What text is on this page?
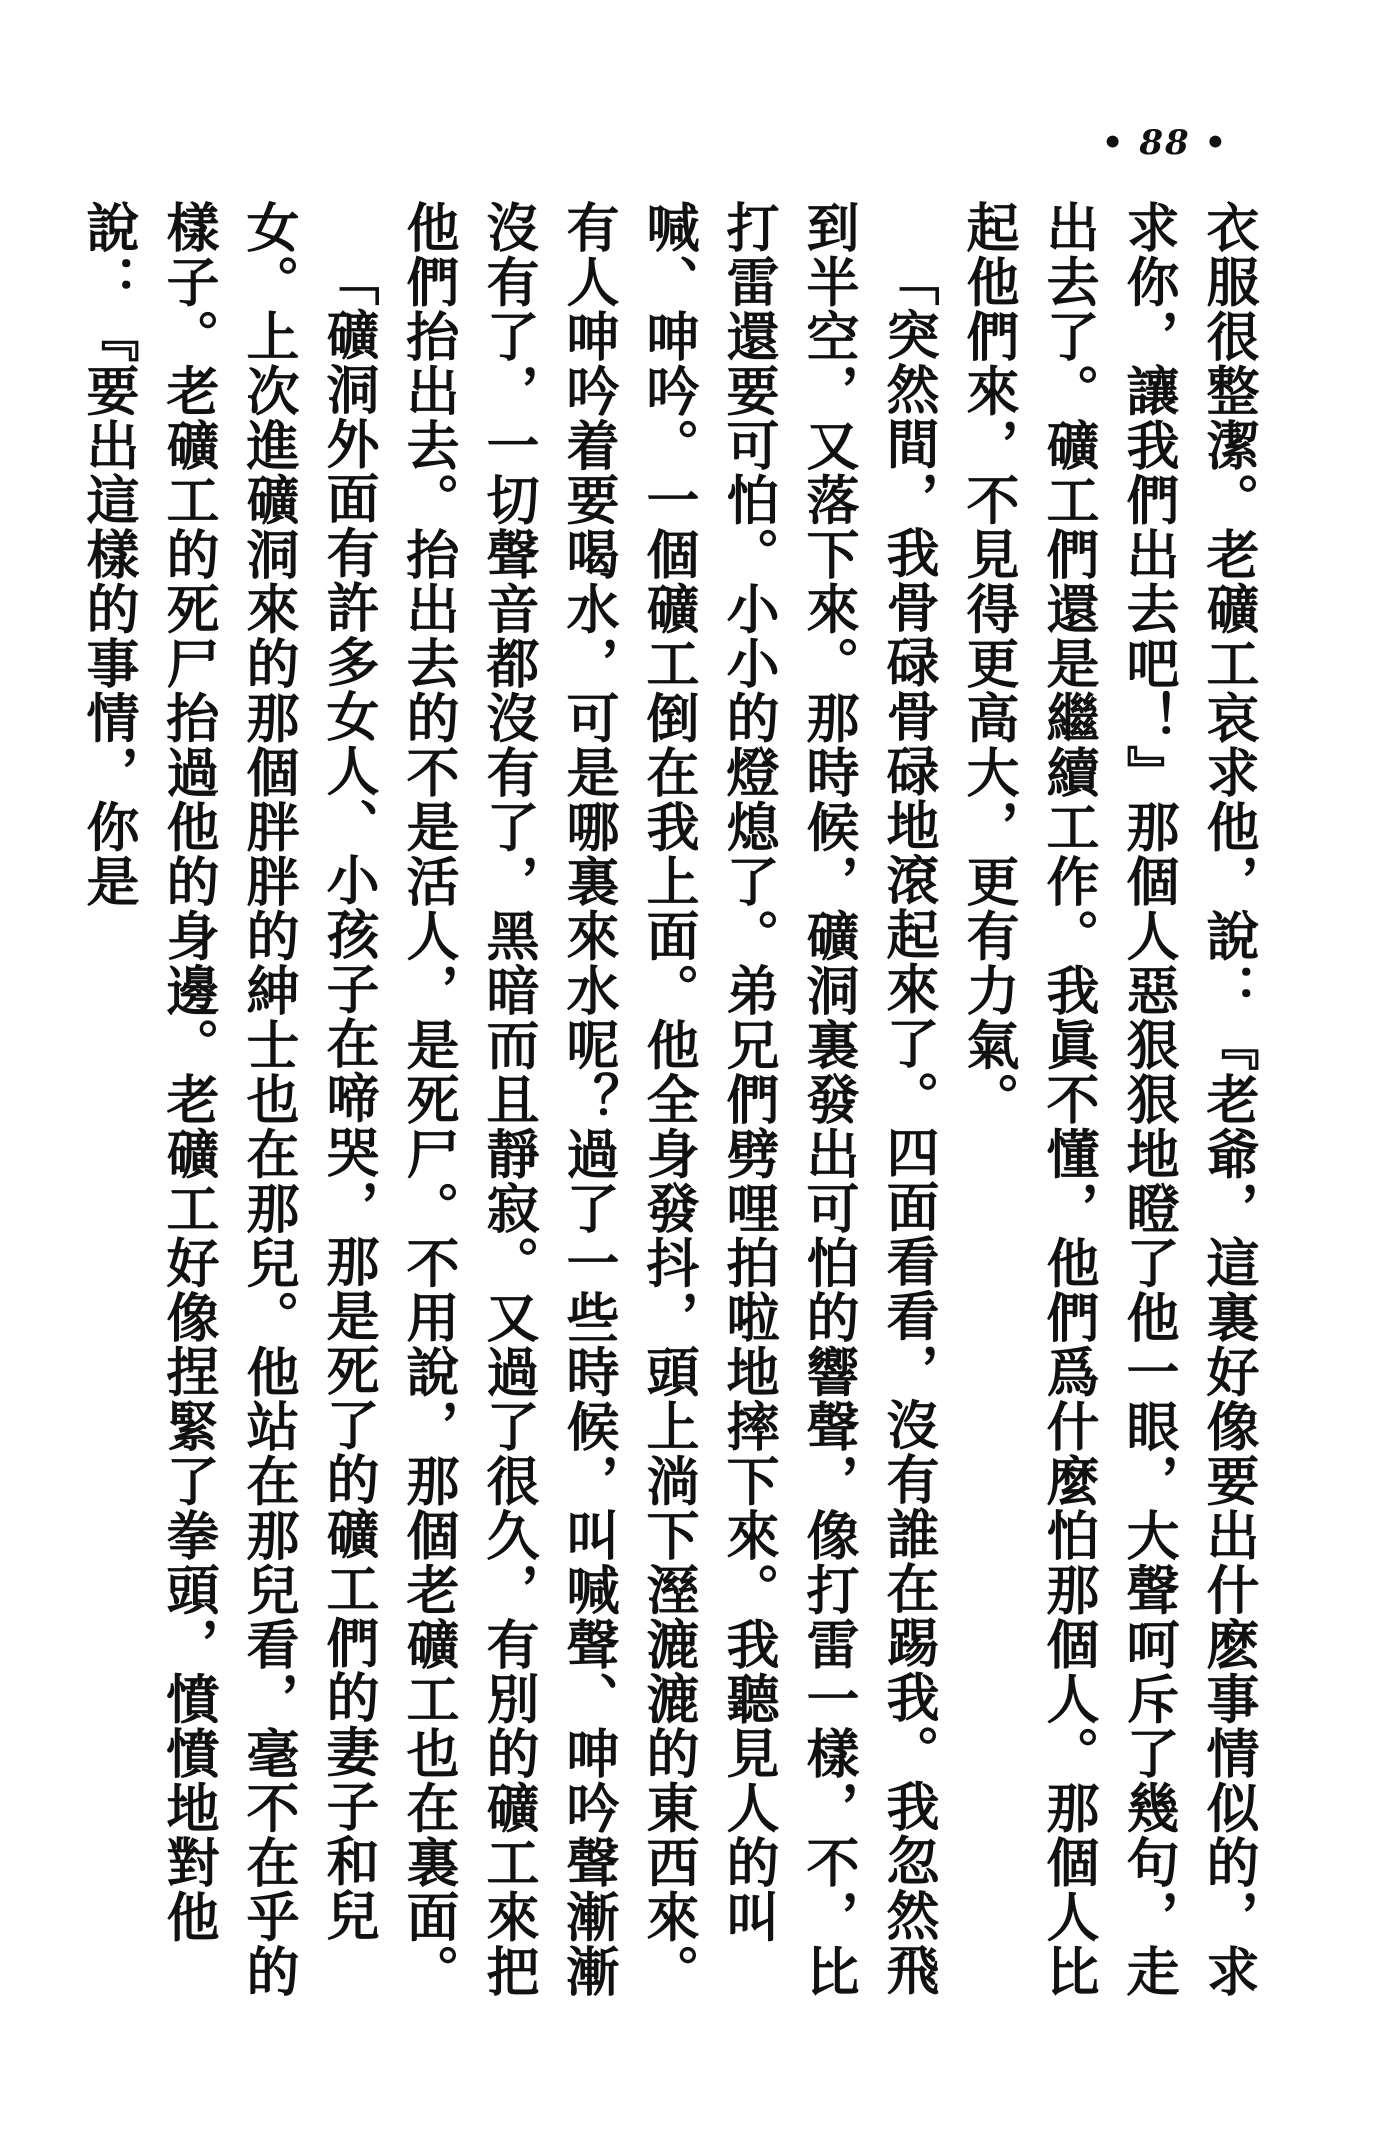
• 88 •

衣服很整潔。老礦工哀求他，說：『老爺，這裏好像要出什麽事情似的，求求你，讓我們出去吧！』那個人惡狠狠地瞪了他一眼，大聲呵斥了幾句，走出去了。礦工們還是繼續工作。我眞不懂，他們爲什麼怕那個人。那個人比起他們來，不見得更高大，更有力氣。

「突然間，我骨碌骨碌地滾起來了。四面看看，沒有誰在踢我。我忽然飛到半空，又落下來。那時候，礦洞裏發出可怕的響聲，像打雷一樣，不，比打雷還要可怕。小小的燈熄了。弟兄們劈哩拍啦地摔下來。我聽見人的叫喊、呻吟。一個礦工倒在我上面。他全身發抖，頭上淌下溼漉漉的東西來。有人呻吟着要喝水，可是哪裏來水呢？過了一些時候，叫喊聲、呻吟聲漸漸沒有了，一切聲音都沒有了，黑暗而且靜寂。又過了很久，有別的礦工來把他們抬出去。抬出去的不是活人，是死尸。不用說，那個老礦工也在裏面。

「礦洞外面有許多女人、小孩子在啼哭，那是死了的礦工們的妻子和兒女。上次進礦洞來的那個胖胖的紳士也在那兒。他站在那兒看，毫不在乎的樣子。老礦工的死尸抬過他的身邊。老礦工好像捏緊了拳頭，憤憤地對他說：『要出這樣的事情，你是
